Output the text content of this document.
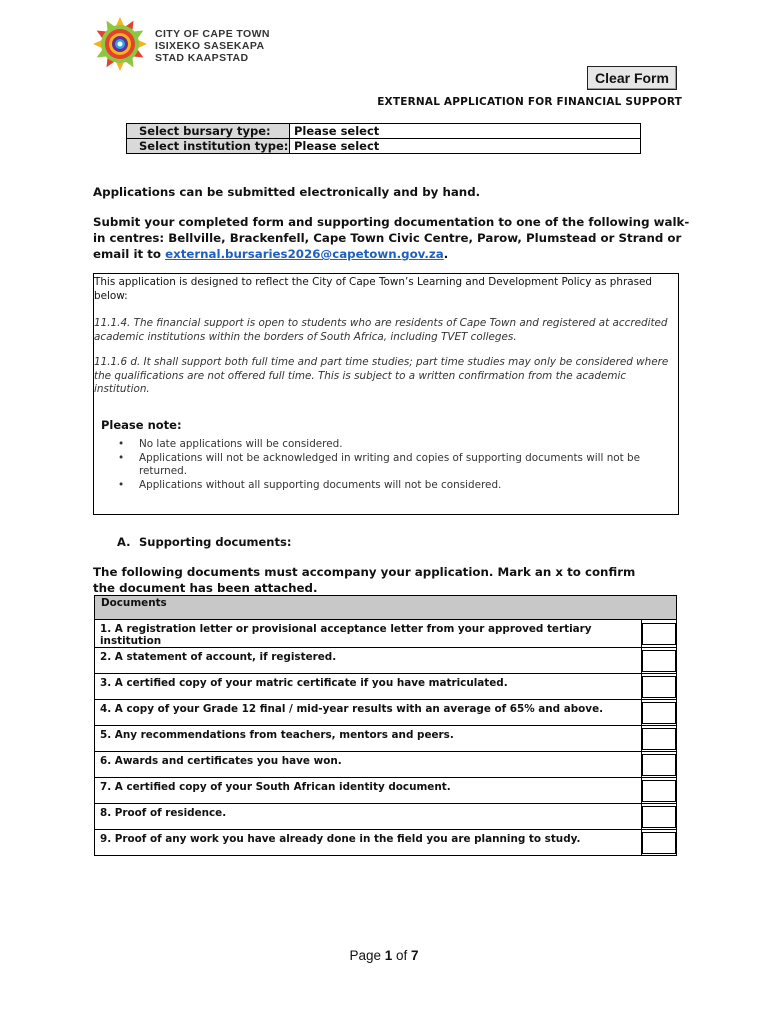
CITY OF CAPE TOWN
ISIXEKO SASEKAPA
STAD KAAPSTAD
Clear Form
EXTERNAL APPLICATION FOR FINANCIAL SUPPORT
Select bursary type:	Please select
Select institution type:	Please select
Applications can be submitted electronically and by hand.
Submit your completed form and supporting documentation to one of the following walk-in centres: Bellville, Brackenfell, Cape Town Civic Centre, Parow, Plumstead or Strand or email it to external.bursaries2026@capetown.gov.za.
This application is designed to reflect the City of Cape Town’s Learning and Development Policy as phrased below:
11.1.4. The financial support is open to students who are residents of Cape Town and registered at accredited academic institutions within the borders of South Africa, including TVET colleges.
11.1.6 d. It shall support both full time and part time studies; part time studies may only be considered where the qualifications are not offered full time. This is subject to a written confirmation from the academic institution.
Please note:
• No late applications will be considered.
• Applications will not be acknowledged in writing and copies of supporting documents will not be returned.
• Applications without all supporting documents will not be considered.
A. Supporting documents:
The following documents must accompany your application. Mark an x to confirm the document has been attached.
Documents	
1. A registration letter or provisional acceptance letter from your approved tertiary institution	

2. A statement of account, if registered.	

3. A certified copy of your matric certificate if you have matriculated.	

4. A copy of your Grade 12 final / mid-year results with an average of 65% and above.	

5. Any recommendations from teachers, mentors and peers.	

6. Awards and certificates you have won.	

7. A certified copy of your South African identity document.	

8. Proof of residence.	

9. Proof of any work you have already done in the field you are planning to study.	
Page 1 of 7
